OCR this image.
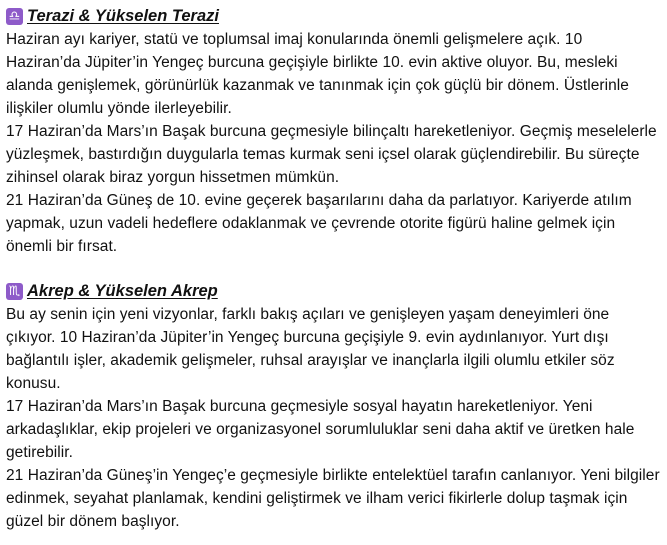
♎ Terazi & Yükselen Terazi

Haziran ayı kariyer, statü ve toplumsal imaj konularında önemli gelişmelere açık. 10 Haziran’da Jüpiter’in Yengeç burcuna geçişiyle birlikte 10. evin aktive oluyor. Bu, mesleki alanda genişlemek, görünürlük kazanmak ve tanınmak için çok güçlü bir dönem. Üstlerinle ilişkiler olumlu yönde ilerleyebilir.

17 Haziran’da Mars’ın Başak burcuna geçmesiyle bilinçaltı hareketleniyor. Geçmiş meselelerle yüzleşmek, bastırdığın duygularla temas kurmak seni içsel olarak güçlendirebilir. Bu süreçte zihinsel olarak biraz yorgun hissetmen mümkün.

21 Haziran’da Güneş de 10. evine geçerek başarılarını daha da parlatıyor. Kariyerde atılım yapmak, uzun vadeli hedeflere odaklanmak ve çevrende otorite figürü haline gelmek için önemli bir fırsat.

♏ Akrep & Yükselen Akrep

Bu ay senin için yeni vizyonlar, farklı bakış açıları ve genişleyen yaşam deneyimleri öne çıkıyor. 10 Haziran’da Jüpiter’in Yengeç burcuna geçişiyle 9. evin aydınlanıyor. Yurt dışı bağlantılı işler, akademik gelişmeler, ruhsal arayışlar ve inançlarla ilgili olumlu etkiler söz konusu.

17 Haziran’da Mars’ın Başak burcuna geçmesiyle sosyal hayatın hareketleniyor. Yeni arkadaşlıklar, ekip projeleri ve organizasyonel sorumluluklar seni daha aktif ve üretken hale getirebilir.

21 Haziran’da Güneş’in Yengeç’e geçmesiyle birlikte entelektüel tarafın canlanıyor. Yeni bilgiler edinmek, seyahat planlamak, kendini geliştirmek ve ilham verici fikirlerle dolup taşmak için güzel bir dönem başlıyor.
